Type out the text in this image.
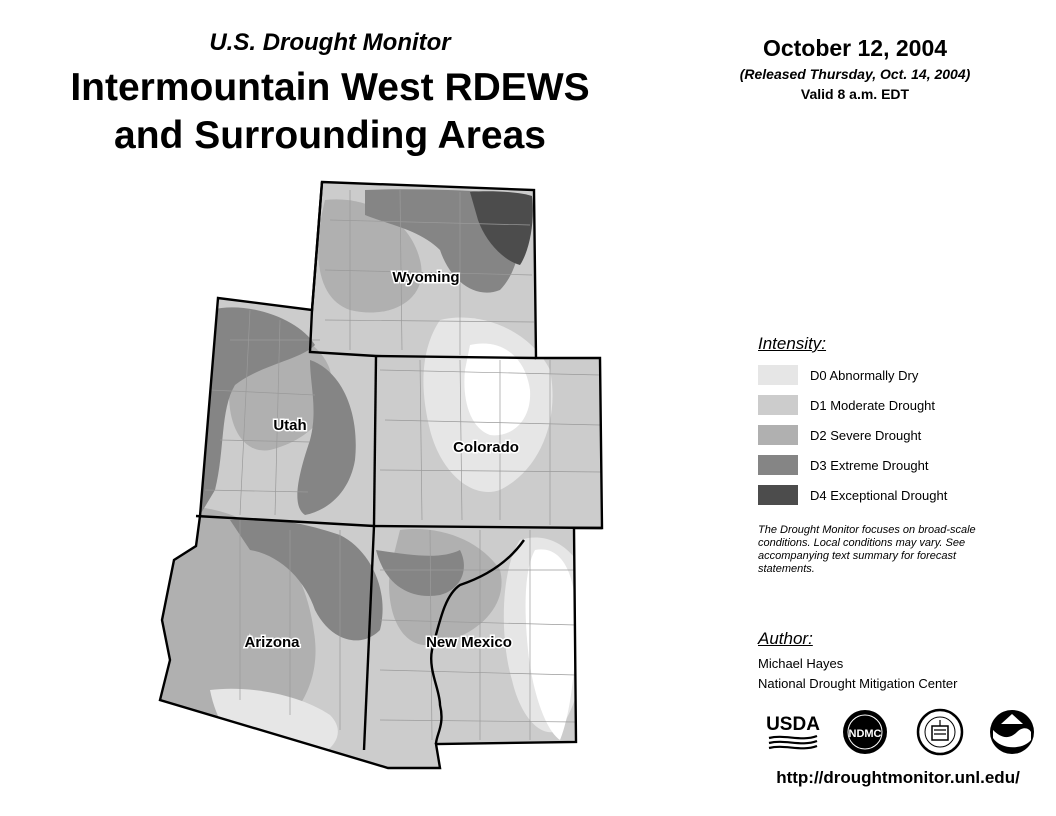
U.S. Drought Monitor
Intermountain West RDEWS
and Surrounding Areas
October 12, 2004
(Released Thursday, Oct. 14, 2004)
Valid 8 a.m. EDT
Wyoming
Utah
Colorado
Arizona	New Mexico
Intensity:
D0 Abnormally Dry
D1 Moderate Drought
D2 Severe Drought
D3 Extreme Drought
D4 Exceptional Drought
The Drought Monitor focuses on broad-scale conditions. Local conditions may vary. See accompanying text summary for forecast statements.
Author:
Michael Hayes
National Drought Mitigation Center
USDA	NDMC
http://droughtmonitor.unl.edu/
